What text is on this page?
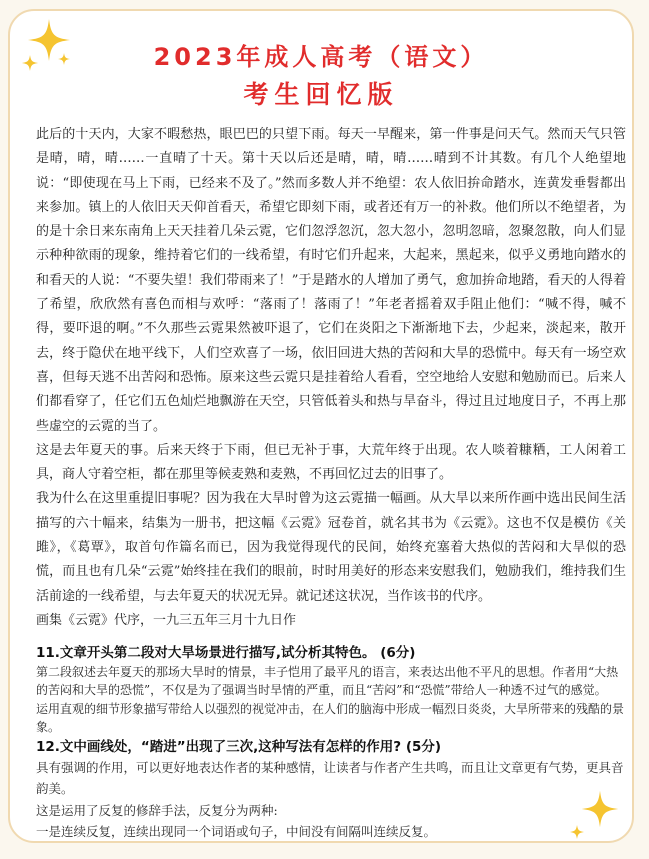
2023年成人高考（语文）
考生回忆版

此后的十天内，大家不暇愁热，眼巴巴的只望下雨。每天一早醒来，第一件事是问天气。然而天气只管是晴，晴，晴……一直晴了十天。第十天以后还是晴，晴，晴……晴到不计其数。有几个人绝望地说：“即使现在马上下雨，已经来不及了。”然而多数人并不绝望：农人依旧拚命踏水，连黄发垂髫都出来参加。镇上的人依旧天天仰首看天，希望它即刻下雨，或者还有万一的补救。他们所以不绝望者，为的是十余日来东南角上天天挂着几朵云霓，它们忽浮忽沉，忽大忽小，忽明忽暗，忽聚忽散，向人们显示种种欲雨的现象，维持着它们的一线希望，有时它们升起来，大起来，黑起来，似乎义勇地向踏水的和看天的人说：“不要失望！我们带雨来了！”于是踏水的人增加了勇气，愈加拚命地踏，看天的人得着了希望，欣欣然有喜色而相与欢呼：“落雨了！落雨了！”年老者摇着双手阻止他们：“喊不得，喊不得，要吓退的啊。”不久那些云霓果然被吓退了，它们在炎阳之下渐渐地下去，少起来，淡起来，散开去，终于隐伏在地平线下，人们空欢喜了一场，依旧回进大热的苦闷和大旱的恐慌中。每天有一场空欢喜，但每天逃不出苦闷和恐怖。原来这些云霓只是挂着给人看看，空空地给人安慰和勉励而已。后来人们都看穿了，任它们五色灿烂地飘游在天空，只管低着头和热与旱奋斗，得过且过地度日子，不再上那些虚空的云霓的当了。

这是去年夏天的事。后来天终于下雨，但已无补于事，大荒年终于出现。农人啖着糠粞，工人闲着工具，商人守着空柜，都在那里等候麦熟和麦熟，不再回忆过去的旧事了。

我为什么在这里重提旧事呢？因为我在大旱时曾为这云霓描一幅画。从大旱以来所作画中选出民间生活描写的六十幅来，结集为一册书，把这幅《云霓》冠卷首，就名其书为《云霓》。这也不仅是模仿《关雎》，《葛覃》，取首句作篇名而已，因为我觉得现代的民间，始终充塞着大热似的苦闷和大旱似的恐慌，而且也有几朵“云霓”始终挂在我们的眼前，时时用美好的形态来安慰我们，勉励我们，维持我们生活前途的一线希望，与去年夏天的状况无异。就记述这状况，当作该书的代序。

画集《云霓》代序，一九三五年三月十九日作

11.文章开头第二段对大旱场景进行描写,试分析其特色。 (6分)

第二段叙述去年夏天的那场大旱时的情景，丰子恺用了最平凡的语言，来表达出他不平凡的思想。作者用“大热的苦闷和大旱的恐慌”，不仅是为了强调当时旱情的严重，而且“苦闷”和“恐慌”带给人一种透不过气的感觉。

运用直观的细节形象描写带给人以强烈的视觉冲击，在人们的脑海中形成一幅烈日炎炎，大旱所带来的残酷的景象。

12.文中画线处，“踏进”出现了三次,这种写法有怎样的作用? (5分)

具有强调的作用，可以更好地表达作者的某种感情，让读者与作者产生共鸣，而且让文章更有气势，更具音韵美。

这是运用了反复的修辞手法，反复分为两种:

一是连续反复，连续出现同一个词语或句子，中间没有间隔叫连续反复。
